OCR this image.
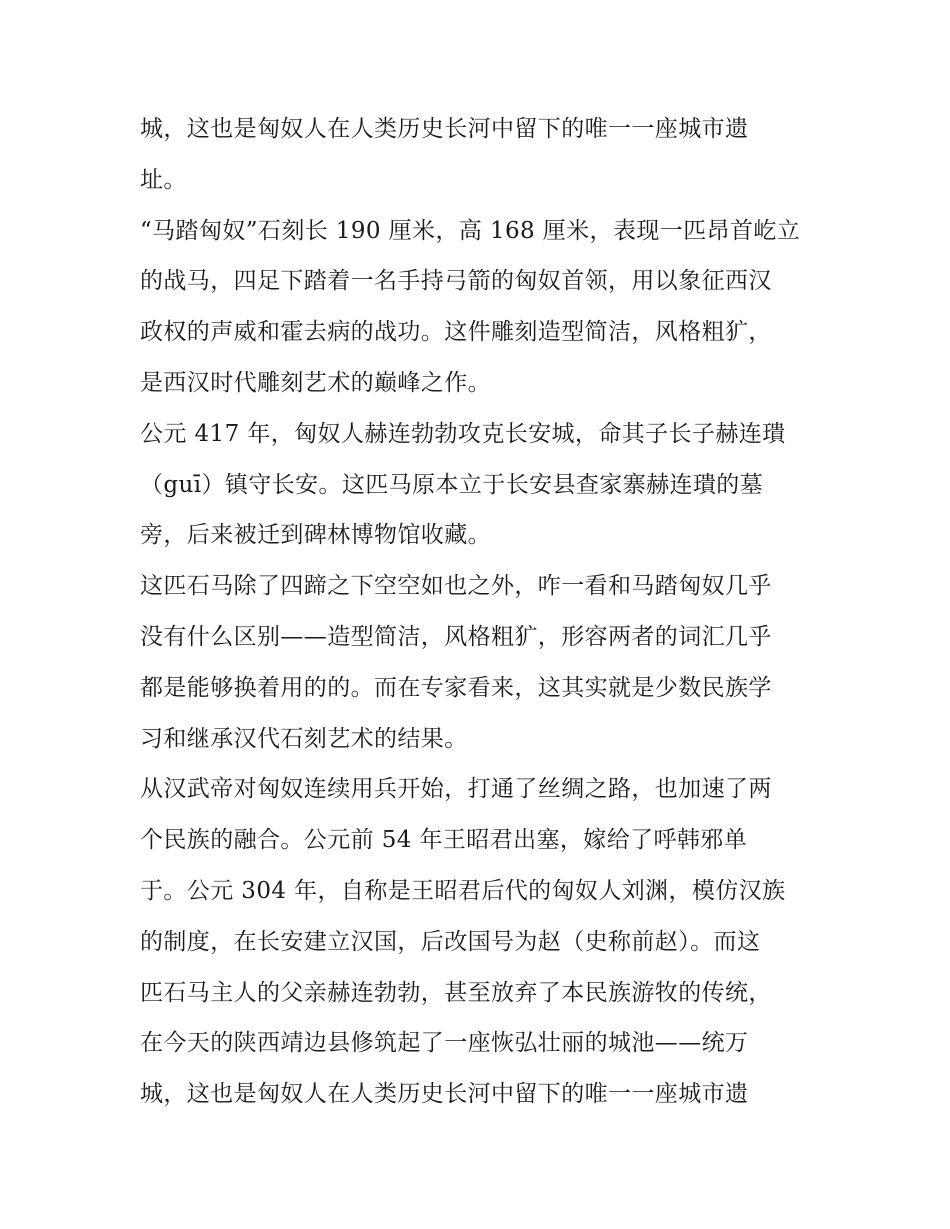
城，这也是匈奴人在人类历史长河中留下的唯一一座城市遗
址。
“马踏匈奴”石刻长 190 厘米，高 168 厘米，表现一匹昂首屹立
的战马，四足下踏着一名手持弓箭的匈奴首领，用以象征西汉
政权的声威和霍去病的战功。这件雕刻造型简洁，风格粗犷，
是西汉时代雕刻艺术的巅峰之作。
公元 417 年，匈奴人赫连勃勃攻克长安城，命其子长子赫连璝
（guī）镇守长安。这匹马原本立于长安县查家寨赫连璝的墓
旁，后来被迁到碑林博物馆收藏。
这匹石马除了四蹄之下空空如也之外，咋一看和马踏匈奴几乎
没有什么区别——造型简洁，风格粗犷，形容两者的词汇几乎
都是能够换着用的的。而在专家看来，这其实就是少数民族学
习和继承汉代石刻艺术的结果。
从汉武帝对匈奴连续用兵开始，打通了丝绸之路，也加速了两
个民族的融合。公元前 54 年王昭君出塞，嫁给了呼韩邪单
于。公元 304 年，自称是王昭君后代的匈奴人刘渊，模仿汉族
的制度，在长安建立汉国，后改国号为赵（史称前赵）。而这
匹石马主人的父亲赫连勃勃，甚至放弃了本民族游牧的传统，
在今天的陕西靖边县修筑起了一座恢弘壮丽的城池——统万
城，这也是匈奴人在人类历史长河中留下的唯一一座城市遗
